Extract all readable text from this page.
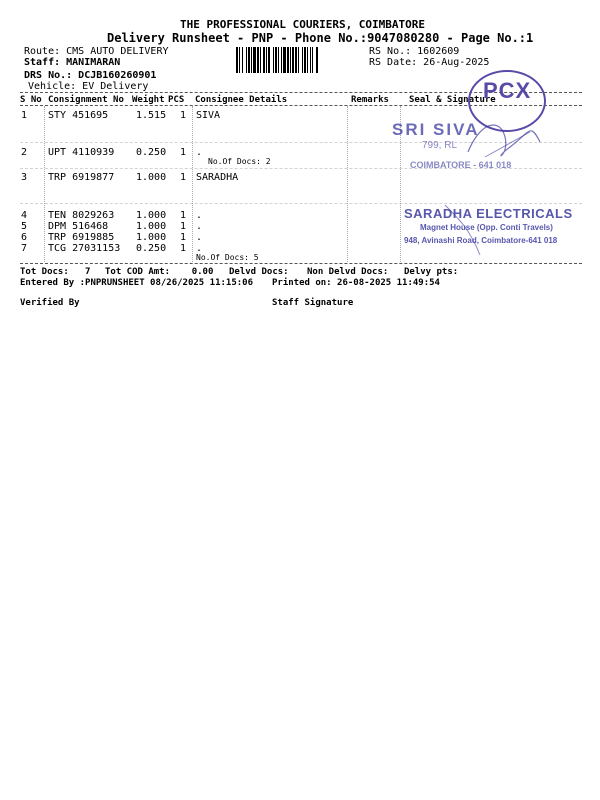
THE PROFESSIONAL COURIERS, COIMBATORE
Delivery Runsheet - PNP - Phone No.:9047080280 - Page No.:1
Route: CMS AUTO DELIVERY
Staff: MANIMARAN
DRS No.: DCJB160260901
Vehicle: EV Delivery
RS No.: 1602609
RS Date: 26-Aug-2025
S No Consignment No Weight PCS Consignee Details	Remarks Seal & Signature
1 STY 451695	1.515 1 SIVA
2 UPT 4110939 0.250 1 .
No.Of Docs: 2
3 TRP 6919877 1.000 1 SARADHA
4 TEN 8029263 1.000 1 .
5 DPM 516468	1.000 1 .
6 TRP 6919885 1.000 1 .
7 TCG 27031153 0.250 1 .
No.Of Docs: 5
Tot Docs:   7 Tot COD Amt:    0.00 Delvd Docs: Non Delvd Docs: Delvy pts:
Entered By :PNPRUNSHEET 08/26/2025 11:15:06 Printed on: 26-08-2025 11:49:54
Verified By	Staff Signature
PCX
SRI SIVA
799, RL
COIMBATORE - 641 018
SARADHA ELECTRICALS
Magnet House (Opp. Conti Travels)
948, Avinashi Road, Coimbatore-641 018
